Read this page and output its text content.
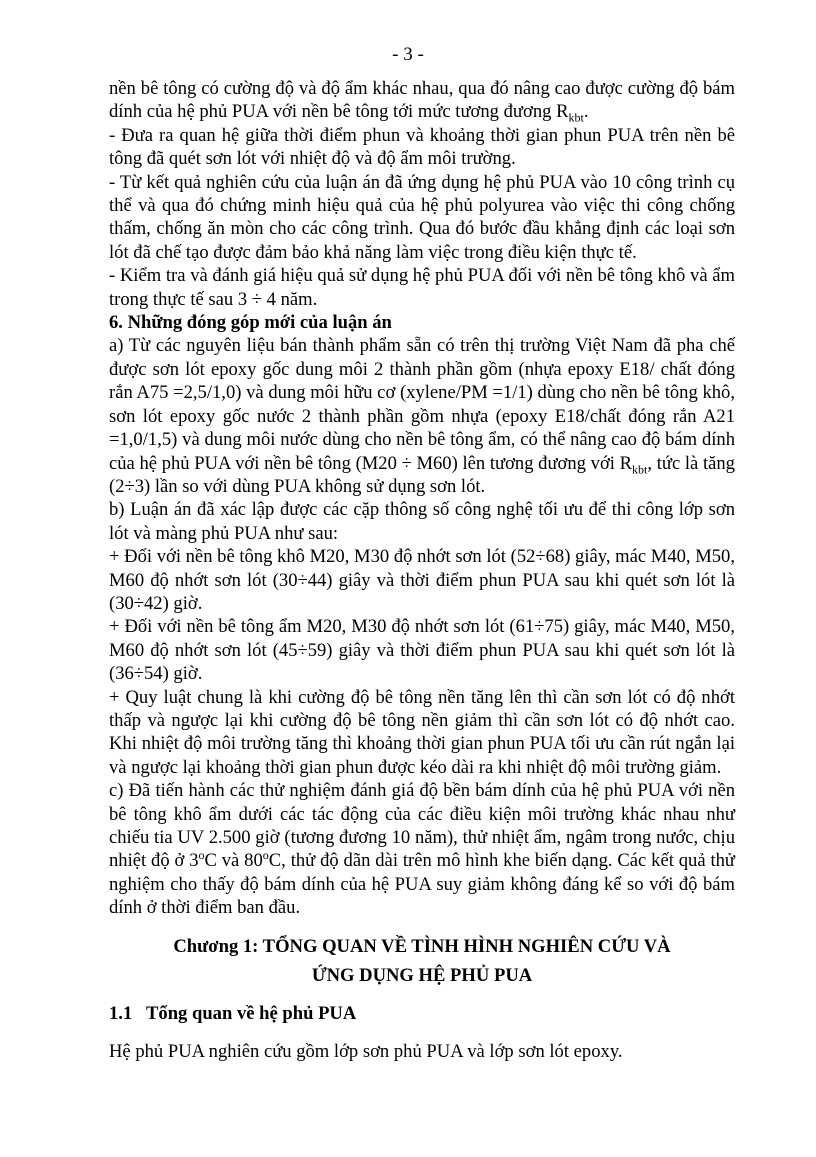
- 3 -

nền bê tông có cường độ và độ ẩm khác nhau, qua đó nâng cao được cường độ bám dính của hệ phủ PUA với nền bê tông tới mức tương đương $R_{kbt}$.

- Đưa ra quan hệ giữa thời điểm phun và khoảng thời gian phun PUA trên nền bê tông đã quét sơn lót với nhiệt độ và độ ẩm môi trường.

- Từ kết quả nghiên cứu của luận án đã ứng dụng hệ phủ PUA vào 10 công trình cụ thể và qua đó chứng minh hiệu quả của hệ phủ polyurea vào việc thi công chống thấm, chống ăn mòn cho các công trình. Qua đó bước đầu khẳng định các loại sơn lót đã chế tạo được đảm bảo khả năng làm việc trong điều kiện thực tế.

- Kiểm tra và đánh giá hiệu quả sử dụng hệ phủ PUA đối với nền bê tông khô và ẩm trong thực tế sau 3 ÷ 4 năm.

6. Những đóng góp mới của luận án

a) Từ các nguyên liệu bán thành phẩm sẵn có trên thị trường Việt Nam đã pha chế được sơn lót epoxy gốc dung môi 2 thành phần gồm (nhựa epoxy E18/ chất đóng rắn A75 =2,5/1,0) và dung môi hữu cơ (xylene/PM =1/1) dùng cho nền bê tông khô, sơn lót epoxy gốc nước 2 thành phần gồm nhựa (epoxy E18/chất đóng rắn A21 =1,0/1,5) và dung môi nước dùng cho nền bê tông ẩm, có thể nâng cao độ bám dính của hệ phủ PUA với nền bê tông (M20 ÷ M60) lên tương đương với $R_{kbt}$, tức là tăng (2÷3) lần so với dùng PUA không sử dụng sơn lót.

b) Luận án đã xác lập được các cặp thông số công nghệ tối ưu để thi công lớp sơn lót và màng phủ PUA như sau:

+ Đối với nền bê tông khô M20, M30 độ nhớt sơn lót (52÷68) giây, mác M40, M50, M60 độ nhớt sơn lót (30÷44) giây và thời điểm phun PUA sau khi quét sơn lót là (30÷42) giờ.

+ Đối với nền bê tông ẩm M20, M30 độ nhớt sơn lót (61÷75) giây, mác M40, M50, M60 độ nhớt sơn lót (45÷59) giây và thời điểm phun PUA sau khi quét sơn lót là (36÷54) giờ.

+ Quy luật chung là khi cường độ bê tông nền tăng lên thì cần sơn lót có độ nhớt thấp và ngược lại khi cường độ bê tông nền giảm thì cần sơn lót có độ nhớt cao. Khi nhiệt độ môi trường tăng thì khoảng thời gian phun PUA tối ưu cần rút ngắn lại và ngược lại khoảng thời gian phun được kéo dài ra khi nhiệt độ môi trường giảm.

c) Đã tiến hành các thử nghiệm đánh giá độ bền bám dính của hệ phủ PUA với nền bê tông khô ẩm dưới các tác động của các điều kiện môi trường khác nhau như chiếu tia UV 2.500 giờ (tương đương 10 năm), thử nhiệt ẩm, ngâm trong nước, chịu nhiệt độ ở 3$^o$C và 80$^o$C, thử độ dãn dài trên mô hình khe biến dạng. Các kết quả thử nghiệm cho thấy độ bám dính của hệ PUA suy giảm không đáng kể so với độ bám dính ở thời điểm ban đầu.

Chương 1: TỔNG QUAN VỀ TÌNH HÌNH NGHIÊN CỨU VÀ
ỨNG DỤNG HỆ PHỦ PUA
1.1 Tổng quan về hệ phủ PUA

Hệ phủ PUA nghiên cứu gồm lớp sơn phủ PUA và lớp sơn lót epoxy.
